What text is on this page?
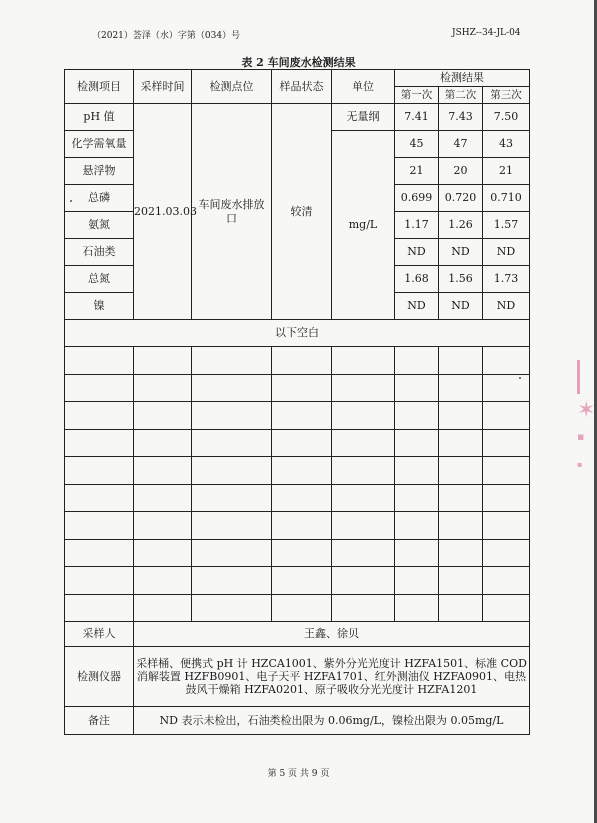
（2021）荟泽（水）字第（034）号	JSHZ--34-JL-04
表 2 车间废水检测结果
检测项目	采样时间	检测点位	样品状态	单位	检测结果		
					第一次	第二次	第三次
pH 值	2021.03.03	车间废水排放口	较清	无量纲	7.41	7.43	7.50
化学需氧量				mg/L	45	47	43
悬浮物					21	20	21
总磷					0.699	0.720	0.710
氨氮					1.17	1.26	1.57
石油类					ND	ND	ND
总氮					1.68	1.56	1.73
镍					ND	ND	ND
以下空白							

采样人	王鑫、徐贝						
检测仪器	采样桶、便携式 pH 计 HZCA1001、紫外分光光度计 HZFA1501、标准 COD 消解装置 HZFB0901、电子天平 HZFA1701、红外测油仪 HZFA0901、电热鼓风干燥箱 HZFA0201、原子吸收分光光度计 HZFA1201						
备注	ND 表示未检出，石油类检出限为 0.06mg/L，镍检出限为 0.05mg/L						
第 5 页 共 9 页
✶
▪
▪
